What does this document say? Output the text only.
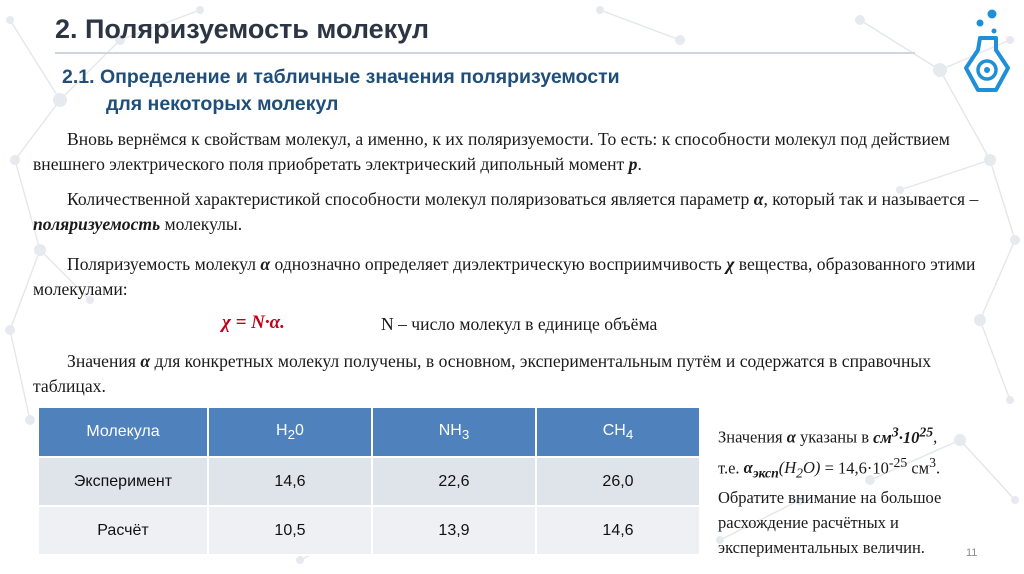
2. Поляризуемость молекул
2.1. Определение и табличные значения поляризуемости
для некоторых молекул
Вновь вернёмся к свойствам молекул, а именно, к их поляризуемости. То есть: к способности молекул под действием внешнего электрического поля приобретать электрический дипольный момент p.
Количественной характеристикой способности молекул поляризоваться является параметр α, который так и называется – поляризуемость молекулы.
Поляризуемость молекул α однозначно определяет диэлектрическую восприимчивость χ вещества, образованного этими молекулами:
χ = N·α.	N – число молекул в единице объёма
Значения α для конкретных молекул получены, в основном, экспериментальным путём и содержатся в справочных таблицах.
Молекула	$H_20$	$NH_3$	$CH_4$
Эксперимент	14,6	22,6	26,0
Расчёт	10,5	13,9	14,6
Значения α указаны в $см^3\cdot 10^{25}$,
т.е. $\alpha_{эксп}(H_2O) = 14,6\cdot 10^{-25}$ $см^3$.
Обратите внимание на большое расхождение расчётных и экспериментальных величин.	11
